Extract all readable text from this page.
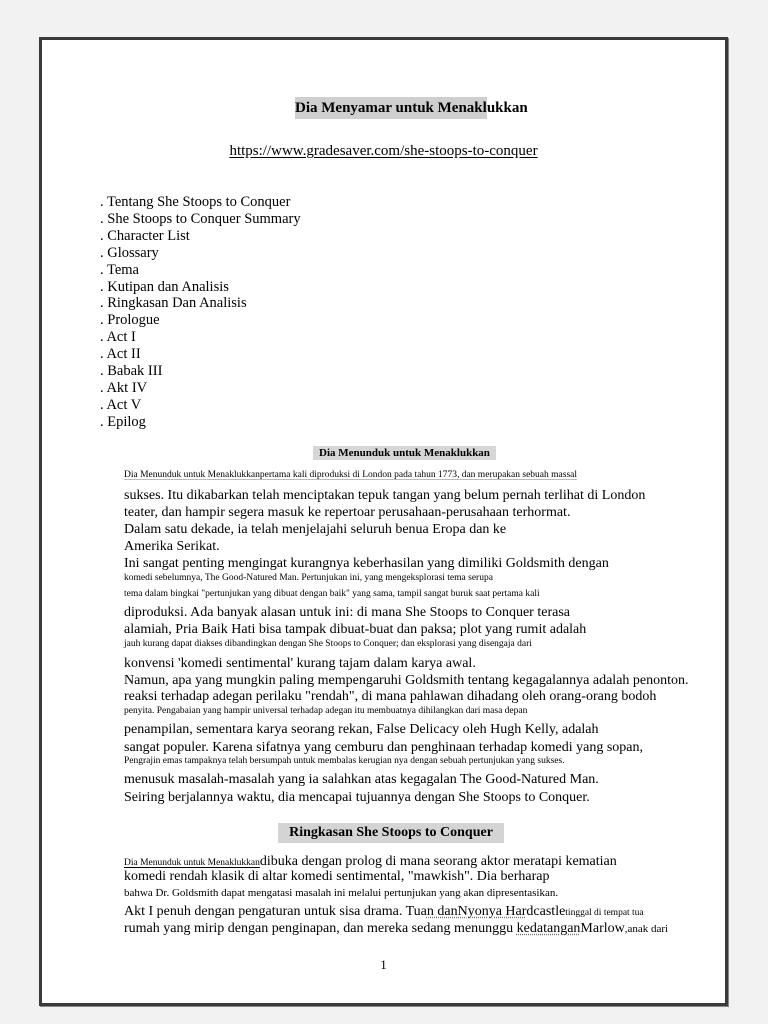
Dia Menyamar untuk Menaklukkan
https://www.gradesaver.com/she-stoops-to-conquer
. Tentang She Stoops to Conquer
. She Stoops to Conquer Summary
. Character List
. Glossary
. Tema
. Kutipan dan Analisis
. Ringkasan Dan Analisis
. Prologue
. Act I
. Act II
. Babak III
. Akt IV
. Act V
. Epilog
Dia Menunduk untuk Menaklukkan
Dia Menunduk untuk Menaklukkanpertama kali diproduksi di London pada tahun 1773, dan merupakan sebuah massal
sukses. Itu dikabarkan telah menciptakan tepuk tangan yang belum pernah terlihat di London
teater, dan hampir segera masuk ke repertoar perusahaan-perusahaan terhormat.
Dalam satu dekade, ia telah menjelajahi seluruh benua Eropa dan ke
Amerika Serikat.
Ini sangat penting mengingat kurangnya keberhasilan yang dimiliki Goldsmith dengan
komedi sebelumnya, The Good-Natured Man. Pertunjukan ini, yang mengeksplorasi tema serupa
tema dalam bingkai "pertunjukan yang dibuat dengan baik" yang sama, tampil sangat buruk saat pertama kali
diproduksi. Ada banyak alasan untuk ini: di mana She Stoops to Conquer terasa
alamiah, Pria Baik Hati bisa tampak dibuat-buat dan paksa; plot yang rumit adalah
jauh kurang dapat diakses dibandingkan dengan She Stoops to Conquer; dan eksplorasi yang disengaja dari
konvensi 'komedi sentimental' kurang tajam dalam karya awal.
Namun, apa yang mungkin paling mempengaruhi Goldsmith tentang kegagalannya adalah penonton.
reaksi terhadap adegan perilaku "rendah", di mana pahlawan dihadang oleh orang-orang bodoh
penyita. Pengabaian yang hampir universal terhadap adegan itu membuatnya dihilangkan dari masa depan
penampilan, sementara karya seorang rekan, False Delicacy oleh Hugh Kelly, adalah
sangat populer. Karena sifatnya yang cemburu dan penghinaan terhadap komedi yang sopan,
Pengrajin emas tampaknya telah bersumpah untuk membalas kerugian nya dengan sebuah pertunjukan yang sukses.
menusuk masalah-masalah yang ia salahkan atas kegagalan The Good-Natured Man.
Seiring berjalannya waktu, dia mencapai tujuannya dengan She Stoops to Conquer.
Ringkasan She Stoops to Conquer
Dia Menunduk untuk Menaklukkandibuka dengan prolog di mana seorang aktor meratapi kematian
komedi rendah klasik di altar komedi sentimental, "mawkish". Dia berharap
bahwa Dr. Goldsmith dapat mengatasi masalah ini melalui pertunjukan yang akan dipresentasikan.
Akt I penuh dengan pengaturan untuk sisa drama. Tuan danNyonya Hardcastletinggal di tempat tua
rumah yang mirip dengan penginapan, dan mereka sedang menunggu kedatanganMarlow,anak dari
1
